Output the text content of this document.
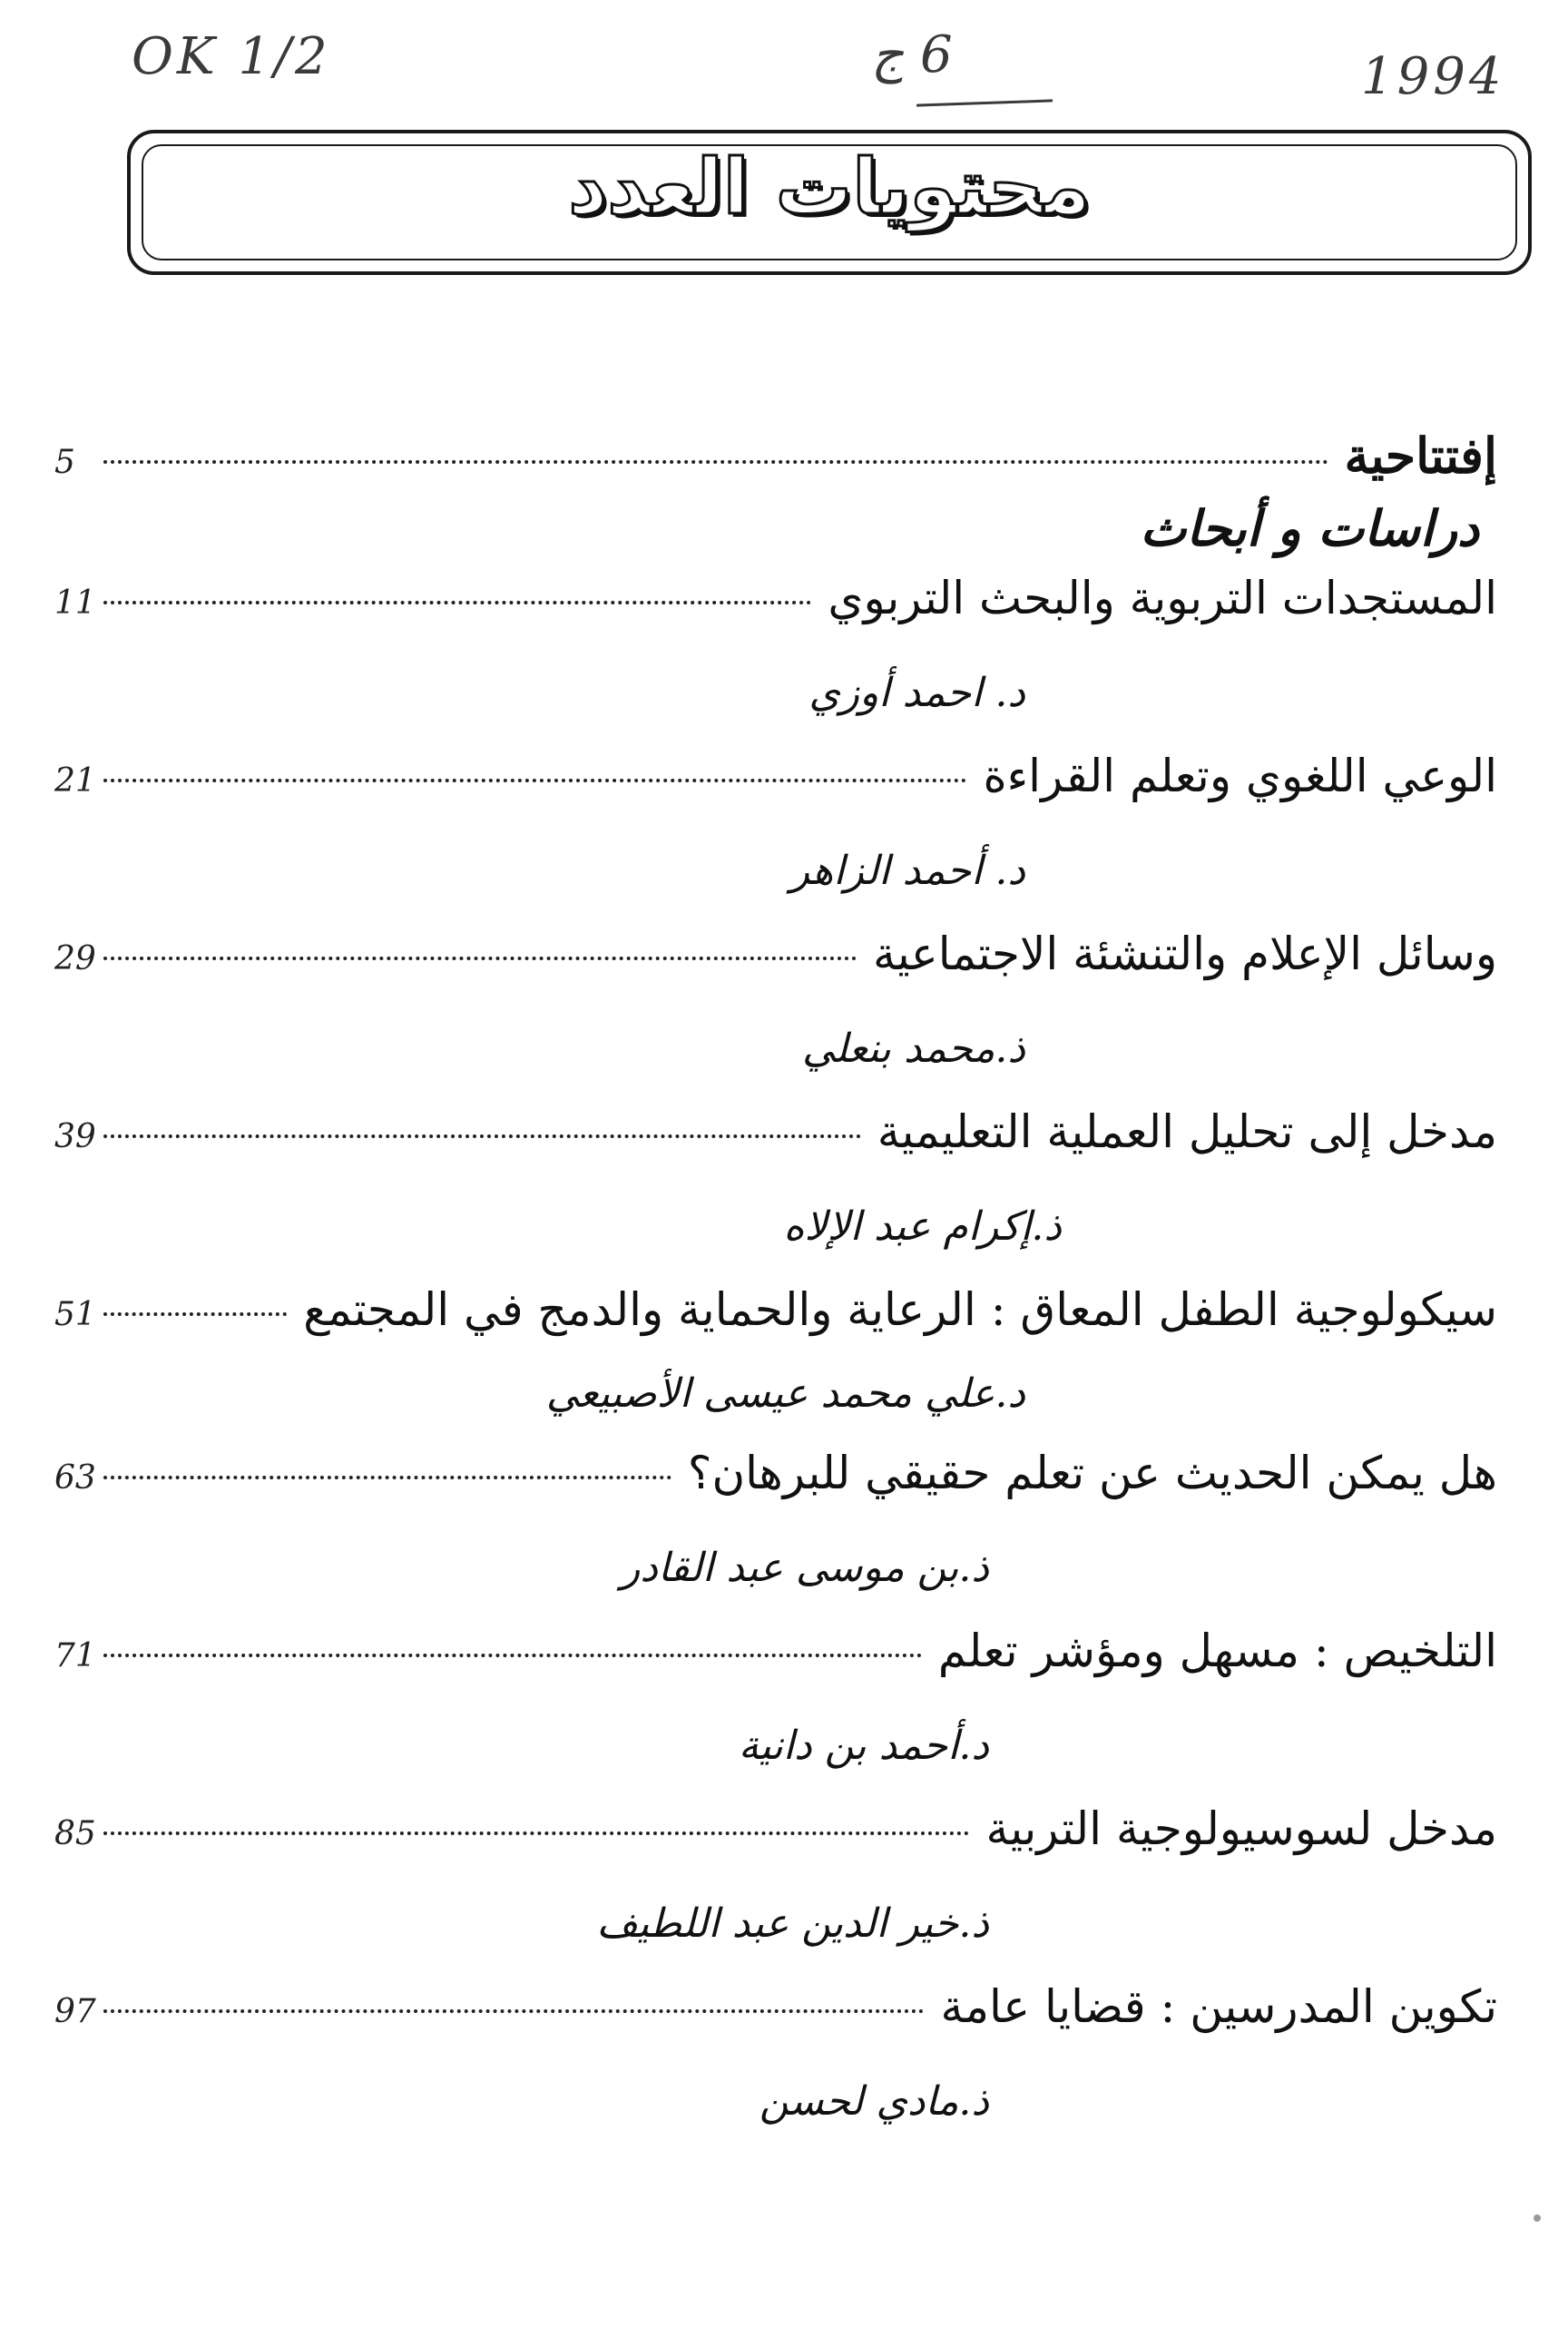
OK 1/2	6 ج	1994
محتويات العدد
إفتتاحية
5
دراسات و أبحاث
المستجدات التربوية والبحث التربوي
11
د. احمد أوزي
الوعي اللغوي وتعلم القراءة
21
د. أحمد الزاهر
وسائل الإعلام والتنشئة الاجتماعية
29
ذ.محمد بنعلي
مدخل إلى تحليل العملية التعليمية
39
ذ.إكرام عبد الإلاه
سيكولوجية الطفل المعاق : الرعاية والحماية والدمج في المجتمع
51
د.علي محمد عيسى الأصبيعي
هل يمكن الحديث عن تعلم حقيقي للبرهان؟
63
ذ.بن موسى عبد القادر
التلخيص : مسهل ومؤشر تعلم
71
د.أحمد بن دانية
مدخل لسوسيولوجية التربية
85
ذ.خير الدين عبد اللطيف
تكوين المدرسين : قضايا عامة
97
ذ.مادي لحسن
